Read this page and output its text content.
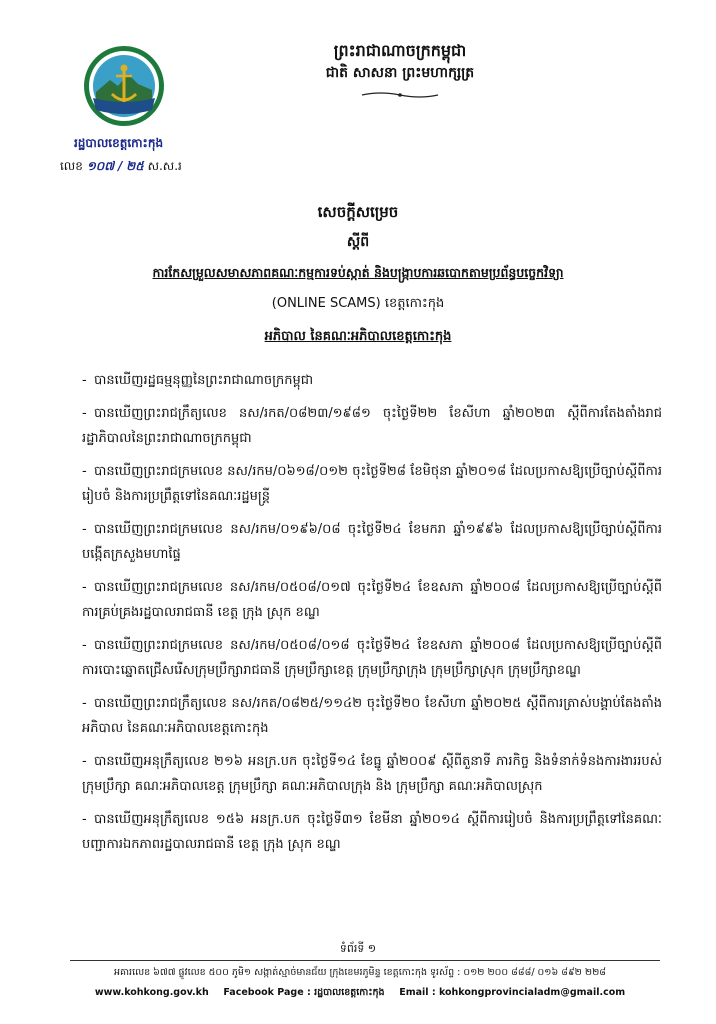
ព្រះរាជាណាចក្រកម្ពុជា
ជាតិ សាសនា ព្រះមហាក្សត្រ
រដ្ឋបាលខេត្តកោះកុង
លេខ ១០៧ / ២៥ ស.ស.រ
សេចក្តីសម្រេច
ស្តីពី
ការកែសម្រួលសមាសភាពគណៈកម្មការទប់ស្កាត់ និងបង្ក្រាបការឆបោកតាមប្រព័ន្ធបច្ចេកវិទ្យា
(ONLINE SCAMS) ខេត្តកោះកុង
អភិបាល នៃគណៈអភិបាលខេត្តកោះកុង
- បានឃើញរដ្ឋធម្មនុញ្ញនៃព្រះរាជាណាចក្រកម្ពុជា
- បានឃើញព្រះរាជក្រឹត្យលេខ នស/រកត/០៨២៣/១៩៨១ ចុះថ្ងៃទី២២ ខែសីហា ឆ្នាំ២០២៣ ស្តីពីការតែងតាំងរាជរដ្ឋាភិបាលនៃព្រះរាជាណាចក្រកម្ពុជា
- បានឃើញព្រះរាជក្រមលេខ នស/រកម/០៦១៨/០១២ ចុះថ្ងៃទី២៨ ខែមិថុនា ឆ្នាំ២០១៨ ដែលប្រកាសឱ្យប្រើច្បាប់ស្តីពីការរៀបចំ និងការប្រព្រឹត្តទៅនៃគណៈរដ្ឋមន្ត្រី
- បានឃើញព្រះរាជក្រមលេខ នស/រកម/០១៩៦/០៨ ចុះថ្ងៃទី២៤ ខែមករា ឆ្នាំ១៩៩៦ ដែលប្រកាសឱ្យប្រើច្បាប់ស្តីពីការបង្កើតក្រសួងមហាផ្ទៃ
- បានឃើញព្រះរាជក្រមលេខ នស/រកម/០៥០៨/០១៧ ចុះថ្ងៃទី២៤ ខែឧសភា ឆ្នាំ២០០៨ ដែលប្រកាសឱ្យប្រើច្បាប់ស្តីពីការគ្រប់គ្រងរដ្ឋបាលរាជធានី ខេត្ត ក្រុង ស្រុក ខណ្ឌ
- បានឃើញព្រះរាជក្រមលេខ នស/រកម/០៥០៨/០១៨ ចុះថ្ងៃទី២៤ ខែឧសភា ឆ្នាំ២០០៨ ដែលប្រកាសឱ្យប្រើច្បាប់ស្តីពីការបោះឆ្នោតជ្រើសរើសក្រុមប្រឹក្សារាជធានី ក្រុមប្រឹក្សាខេត្ត ក្រុមប្រឹក្សាក្រុង ក្រុមប្រឹក្សាស្រុក ក្រុមប្រឹក្សាខណ្ឌ
- បានឃើញព្រះរាជក្រឹត្យលេខ នស/រកត/០៨២៥/១១៤២ ចុះថ្ងៃទី២០ ខែសីហា ឆ្នាំ២០២៥ ស្តីពីការត្រាស់បង្គាប់តែងតាំងអភិបាល នៃគណៈអភិបាលខេត្តកោះកុង
- បានឃើញអនុក្រឹត្យលេខ ២១៦ អនក្រ.បក ចុះថ្ងៃទី១៤ ខែធ្នូ ឆ្នាំ២០០៩ ស្តីពីតួនាទី ភារកិច្ច និងទំនាក់ទំនងការងាររបស់ក្រុមប្រឹក្សា គណៈអភិបាលខេត្ត ក្រុមប្រឹក្សា គណៈអភិបាលក្រុង និង ក្រុមប្រឹក្សា គណៈអភិបាលស្រុក
- បានឃើញអនុក្រឹត្យលេខ ១៥៦ អនក្រ.បក ចុះថ្ងៃទី៣១ ខែមីនា ឆ្នាំ២០១៤ ស្តីពីការរៀបចំ និងការប្រព្រឹត្តទៅនៃគណៈបញ្ជាការឯកភាពរដ្ឋបាលរាជធានី ខេត្ត ក្រុង ស្រុក ខណ្ឌ
ទំព័រទី ១
អគារលេខ ៦៧៧ ផ្លូវលេខ ៥០០ ភូមិ១ សង្កាត់ស្មាច់មានជ័យ ក្រុងខេមរភូមិន្ទ ខេត្តកោះកុង ទូរស័ព្ទ : ០១២ ២០០ ៨៨៨/ ០១៦ ៨៩២ ២២៨
www.kohkong.gov.kh Facebook Page : រដ្ឋបាលខេត្តកោះកុង Email : kohkongprovincialadm@gmail.com
